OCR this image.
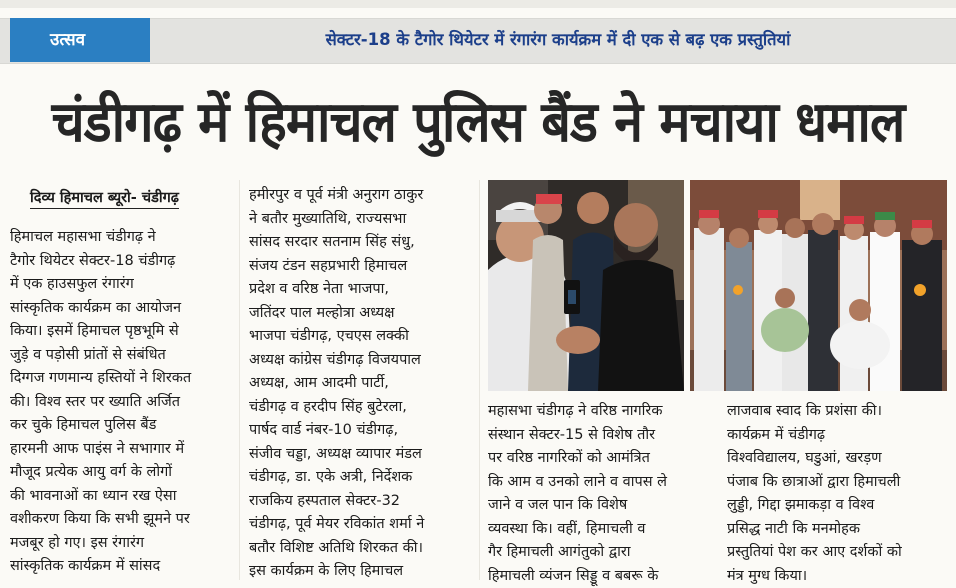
उत्सव	सेक्टर-18 के टैगोर थियेटर में रंगारंग कार्यक्रम में दी एक से बढ़ एक प्रस्तुतियां
चंडीगढ़ में हिमाचल पुलिस बैंड ने मचाया धमाल
दिव्य हिमाचल ब्यूरो- चंडीगढ़

हिमाचल महासभा चंडीगढ़ ने

टैगोर थियेटर सेक्टर-18 चंडीगढ़

में एक हाउसफुल रंगारंग

सांस्कृतिक कार्यक्रम का आयोजन

किया। इसमें हिमाचल पृष्ठभूमि से

जुड़े व पड़ोसी प्रांतों से संबंधित

दिग्गज गणमान्य हस्तियों ने शिरकत

की। विश्व स्तर पर ख्याति अर्जित

कर चुके हिमाचल पुलिस बैंड

हारमनी आफ पाइंस ने सभागार में

मौजूद प्रत्येक आयु वर्ग के लोगों

की भावनाओं का ध्यान रख ऐसा

वशीकरण किया कि सभी झूमने पर

मजबूर हो गए। इस रंगारंग

सांस्कृतिक कार्यक्रम में सांसद

हमीरपुर व पूर्व मंत्री अनुराग ठाकुर

ने बतौर मुख्यातिथि, राज्यसभा

सांसद सरदार सतनाम सिंह संधु,

संजय टंडन सहप्रभारी हिमाचल

प्रदेश व वरिष्ठ नेता भाजपा,

जतिंदर पाल मल्होत्रा अध्यक्ष

भाजपा चंडीगढ़, एचएस लक्की

अध्यक्ष कांग्रेस चंडीगढ़ विजयपाल

अध्यक्ष, आम आदमी पार्टी,

चंडीगढ़ व हरदीप सिंह बुटेरला,

पार्षद वार्ड नंबर-10 चंडीगढ़,

संजीव चड्डा, अध्यक्ष व्यापार मंडल

चंडीगढ़, डा. एके अत्री, निर्देशक

राजकिय हस्पताल सेक्टर-32

चंडीगढ़, पूर्व मेयर रविकांत शर्मा ने

बतौर विशिष्ट अतिथि शिरकत की।

इस कार्यक्रम के लिए हिमाचल

महासभा चंडीगढ़ ने वरिष्ठ नागरिक

संस्थान सेक्टर-15 से विशेष तौर

पर वरिष्ठ नागरिकों को आमंत्रित

कि आम व उनको लाने व वापस ले

जाने व जल पान कि विशेष

व्यवस्था कि। वहीं, हिमाचली व

गैर हिमाचली आगंतुको द्वारा

हिमाचली व्यंजन सिड्डू व बबरू के

लाजवाब स्वाद कि प्रशंसा की।

कार्यक्रम में चंडीगढ़

विश्वविद्यालय, घडुआं, खरड़ण

पंजाब कि छात्राओं द्वारा हिमाचली

लुड्डी, गिद्दा झमाकड़ा व विश्व

प्रसिद्ध नाटी कि मनमोहक

प्रस्तुतियां पेश कर आए दर्शकों को

मंत्र मुग्ध किया।
